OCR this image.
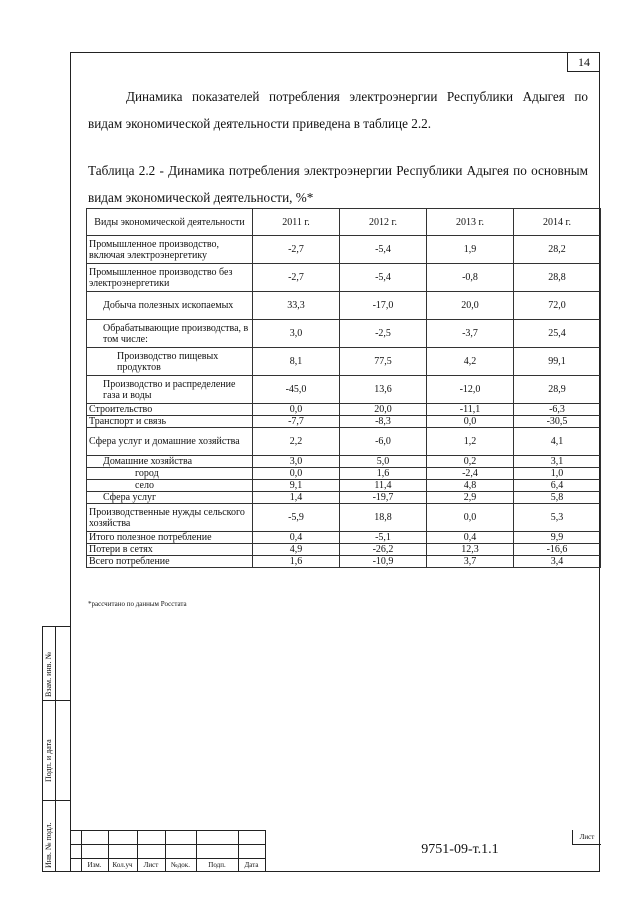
14

Динамика показателей потребления электроэнергии Республики Адыгея по видам экономической деятельности приведена в таблице 2.2.

Таблица 2.2 - Динамика потребления электроэнергии Республики Адыгея по основным видам экономической деятельности, %*

Виды экономической деятельности	2011 г.	2012 г.	2013 г.	2014 г.
Промышленное производство, включая электроэнергетику	-2,7	-5,4	1,9	28,2
Промышленное производство без электроэнергетики	-2,7	-5,4	-0,8	28,8
Добыча полезных ископаемых	33,3	-17,0	20,0	72,0
Обрабатывающие производства, в том числе:	3,0	-2,5	-3,7	25,4
Производство пищевых продуктов	8,1	77,5	4,2	99,1
Производство и распределение газа и воды	-45,0	13,6	-12,0	28,9
Строительство	0,0	20,0	-11,1	-6,3
Транспорт и связь	-7,7	-8,3	0,0	-30,5
Сфера услуг и домашние хозяйства	2,2	-6,0	1,2	4,1
Домашние хозяйства	3,0	5,0	0,2	3,1
город	0,0	1,6	-2,4	1,0
село	9,1	11,4	4,8	6,4
Сфера услуг	1,4	-19,7	2,9	5,8
Производственные нужды сельского хозяйства	-5,9	18,8	0,0	5,3
Итого полезное потребление	0,4	-5,1	0,4	9,9
Потери в сетях	4,9	-26,2	12,3	-16,6
Всего потребление	1,6	-10,9	3,7	3,4
*рассчитано по данным Росстата
Взам. инв. №
Подп. и дата
Инв. № подл.	Изм.	Кол.уч	Лист	№док.	Подп.	Дата
9751-09-т.1.1
Лист
